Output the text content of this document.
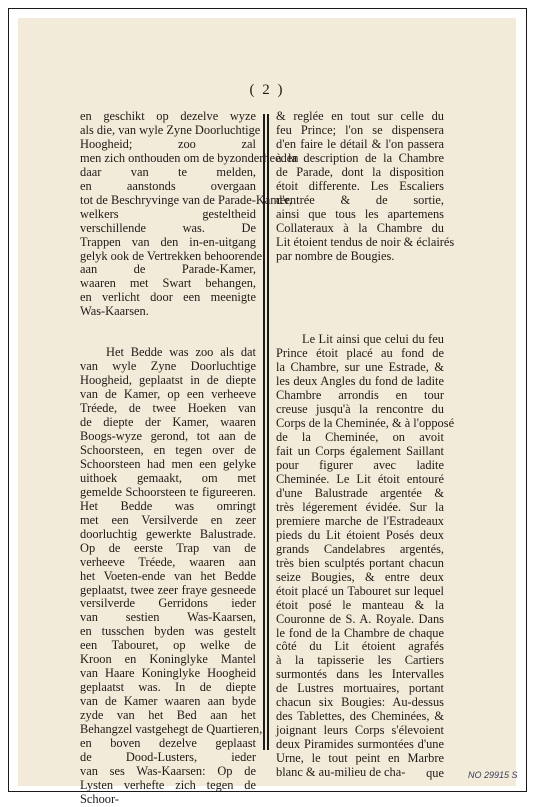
( 2 )
en geschikt op dezelve wyze
als die, van wyle Zyne Doorluchtige
Hoogheid; zoo zal
men zich onthouden om de byzonderheeden
daar van te melden,
en aanstonds overgaan
tot de Beschryvinge van de Parade-Kamer,
welkers gesteltheid
verschillende was. De
Trappen van den in-en-uitgang
gelyk ook de Vertrekken behoorende
aan de Parade-Kamer,
waaren met Swart behangen,
en verlicht door een meenigte
Was-Kaarsen.
Het Bedde was zoo als dat
van wyle Zyne Doorluchtige
Hoogheid, geplaatst in de diepte
van de Kamer, op een verheeve
Tréede, de twee Hoeken van
de diepte der Kamer, waaren
Boogs-wyze gerond, tot aan de
Schoorsteen, en tegen over de
Schoorsteen had men een gelyke
uithoek gemaakt, om met
gemelde Schoorsteen te figureeren.
Het Bedde was omringt
met een Versilverde en zeer
doorluchtig gewerkte Balustrade.
Op de eerste Trap van de
verheeve Tréede, waaren aan
het Voeten-ende van het Bedde
geplaatst, twee zeer fraye gesneede
versilverde Gerridons ieder
van sestien Was-Kaarsen,
en tusschen byden was gestelt
een Tabouret, op welke de
Kroon en Koninglyke Mantel
van Haare Koninglyke Hoogheid
geplaatst was. In de diepte
van de Kamer waaren aan byde
zyde van het Bed aan het
Behangzel vastgehegt de Quartieren,
en boven dezelve geplaast
de Dood-Lusters, ieder
van ses Was-Kaarsen: Op de
Lysten verhefte zich tegen de
Schoor-
& reglée en tout sur celle du
feu Prince; l'on se dispensera
d'en faire le détail & l'on passera
à la description de la Chambre
de Parade, dont la disposition
étoit differente. Les Escaliers
d'entrée & de sortie,
ainsi que tous les apartemens
Collateraux à la Chambre du
Lit étoient tendus de noir & éclairés
par nombre de Bougies.
Le Lit ainsi que celui du feu
Prince étoit placé au fond de
la Chambre, sur une Estrade, &
les deux Angles du fond de ladite
Chambre arrondis en tour
creuse jusqu'à la rencontre du
Corps de la Cheminée, & à l'opposé
de la Cheminée, on avoit
fait un Corps également Saillant
pour figurer avec ladite
Cheminée. Le Lit étoit entouré
d'une Balustrade argentée &
très légerement évidée. Sur la
premiere marche de l'Estradeaux
pieds du Lit étoient Posés deux
grands Candelabres argentés,
très bien sculptés portant chacun
seize Bougies, & entre deux
étoit placé un Tabouret sur lequel
étoit posé le manteau & la
Couronne de S. A. Royale. Dans
le fond de la Chambre de chaque
côté du Lit étoient agrafés
à la tapisserie les Cartiers
surmontés dans les Intervalles
de Lustres mortuaires, portant
chacun six Bougies: Au-dessus
des Tablettes, des Cheminées, &
joignant leurs Corps s'élevoient
deux Piramides surmontées d'une
Urne, le tout peint en Marbre
blanc & au-milieu de cha-	que	NO 29915 S
